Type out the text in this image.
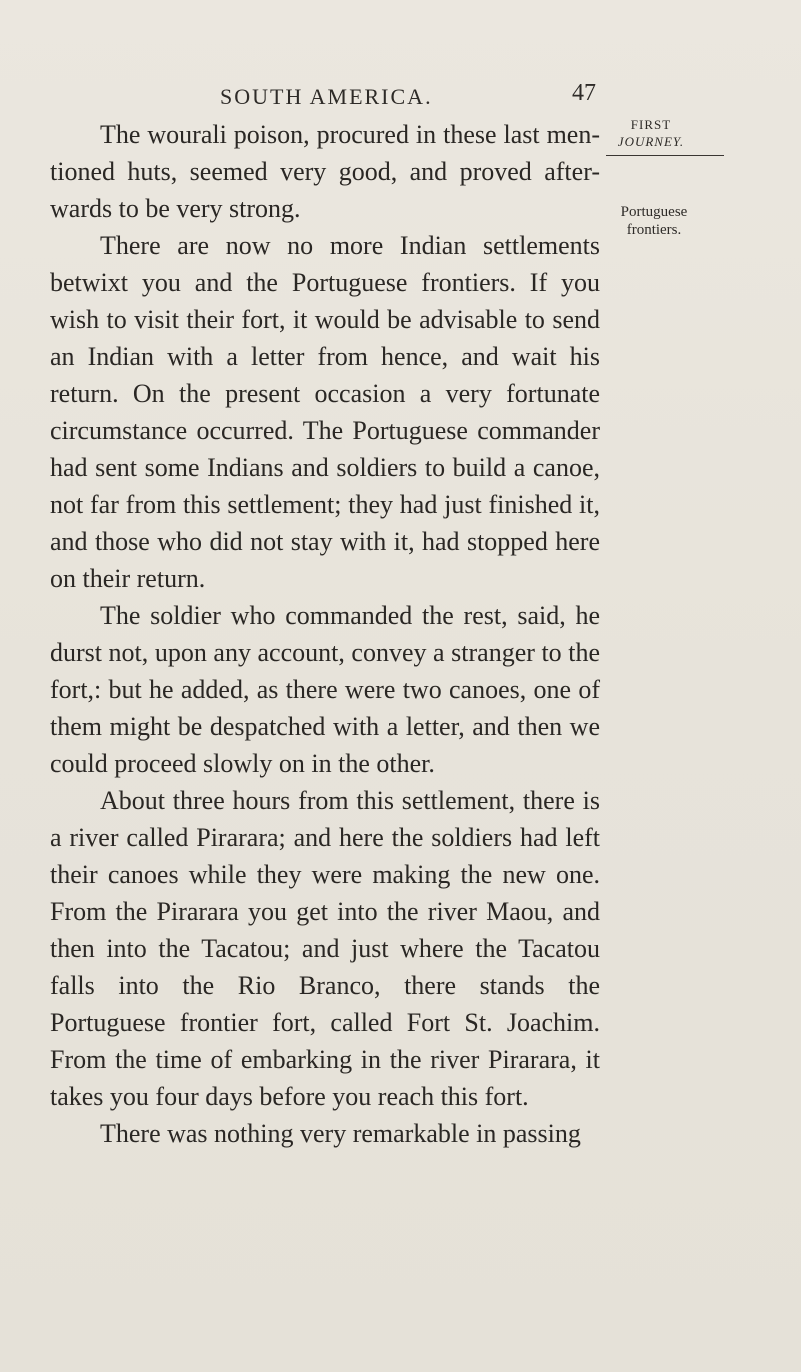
SOUTH AMERICA.	47
FIRST
JOURNEY.
Portuguese frontiers.

The wourali poison, procured in these last men-tioned huts, seemed very good, and proved after-wards to be very strong.

There are now no more Indian settlements betwixt you and the Portuguese frontiers. If you wish to visit their fort, it would be advisable to send an Indian with a letter from hence, and wait his return. On the present occasion a very fortunate circumstance occurred. The Portuguese commander had sent some Indians and soldiers to build a canoe, not far from this settlement; they had just finished it, and those who did not stay with it, had stopped here on their return.

The soldier who commanded the rest, said, he durst not, upon any account, convey a stranger to the fort,: but he added, as there were two canoes, one of them might be despatched with a letter, and then we could proceed slowly on in the other.

About three hours from this settlement, there is a river called Pirarara; and here the soldiers had left their canoes while they were making the new one. From the Pirarara you get into the river Maou, and then into the Tacatou; and just where the Tacatou falls into the Rio Branco, there stands the Portuguese frontier fort, called Fort St. Joachim. From the time of embarking in the river Pirarara, it takes you four days before you reach this fort.

There was nothing very remarkable in passing
